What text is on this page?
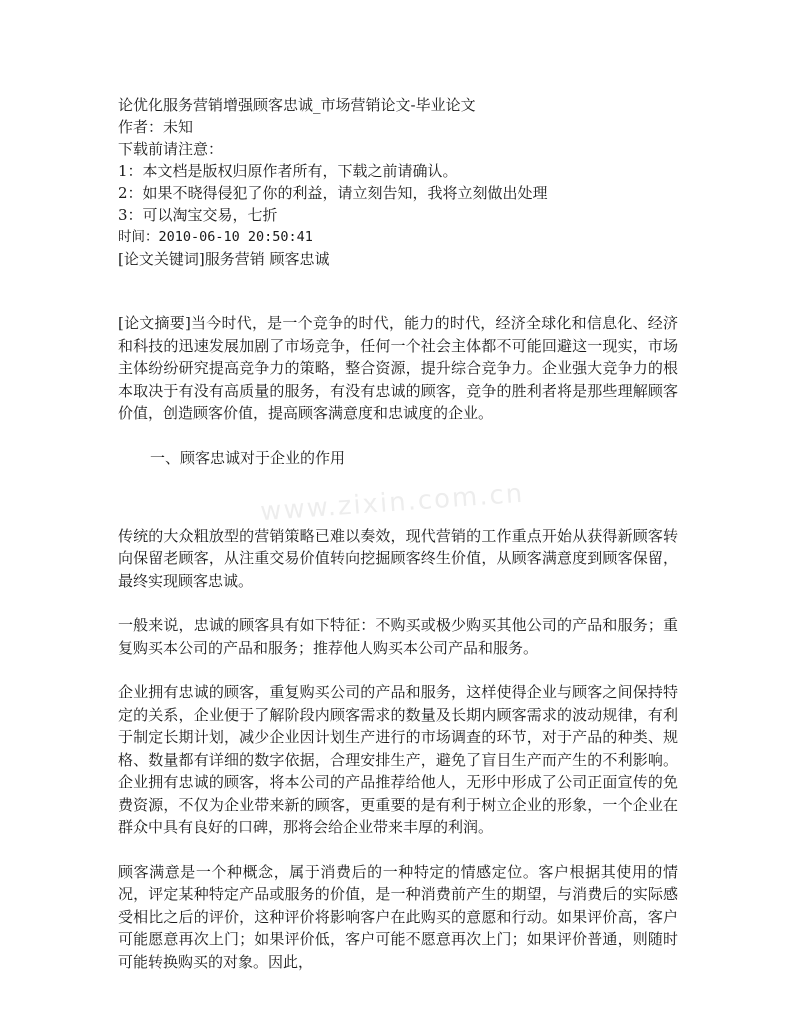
www.zixin.com.cn
论优化服务营销增强顾客忠诚_市场营销论文-毕业论文
作者：未知
下载前请注意：
1：本文档是版权归原作者所有，下载之前请确认。
2：如果不晓得侵犯了你的利益，请立刻告知，我将立刻做出处理
3：可以淘宝交易，七折
时间：2010-06-10 20:50:41
[论文关键词]服务营销 顾客忠诚

[论文摘要]当今时代，是一个竞争的时代，能力的时代，经济全球化和信息化、经济和科技的迅速发展加剧了市场竞争，任何一个社会主体都不可能回避这一现实，市场主体纷纷研究提高竞争力的策略，整合资源，提升综合竞争力。企业强大竞争力的根本取决于有没有高质量的服务，有没有忠诚的顾客，竞争的胜利者将是那些理解顾客价值，创造顾客价值，提高顾客满意度和忠诚度的企业。

一、顾客忠诚对于企业的作用

传统的大众粗放型的营销策略已难以奏效，现代营销的工作重点开始从获得新顾客转向保留老顾客，从注重交易价值转向挖掘顾客终生价值，从顾客满意度到顾客保留，最终实现顾客忠诚。

一般来说，忠诚的顾客具有如下特征：不购买或极少购买其他公司的产品和服务；重复购买本公司的产品和服务；推荐他人购买本公司产品和服务。

企业拥有忠诚的顾客，重复购买公司的产品和服务，这样使得企业与顾客之间保持特定的关系，企业便于了解阶段内顾客需求的数量及长期内顾客需求的波动规律，有利于制定长期计划，减少企业因计划生产进行的市场调查的环节，对于产品的种类、规格、数量都有详细的数字依据，合理安排生产，避免了盲目生产而产生的不利影响。企业拥有忠诚的顾客，将本公司的产品推荐给他人，无形中形成了公司正面宣传的免费资源，不仅为企业带来新的顾客，更重要的是有利于树立企业的形象，一个企业在群众中具有良好的口碑，那将会给企业带来丰厚的利润。

顾客满意是一个种概念，属于消费后的一种特定的情感定位。客户根据其使用的情况，评定某种特定产品或服务的价值，是一种消费前产生的期望，与消费后的实际感受相比之后的评价，这种评价将影响客户在此购买的意愿和行动。如果评价高，客户可能愿意再次上门；如果评价低，客户可能不愿意再次上门；如果评价普通，则随时可能转换购买的对象。因此，
